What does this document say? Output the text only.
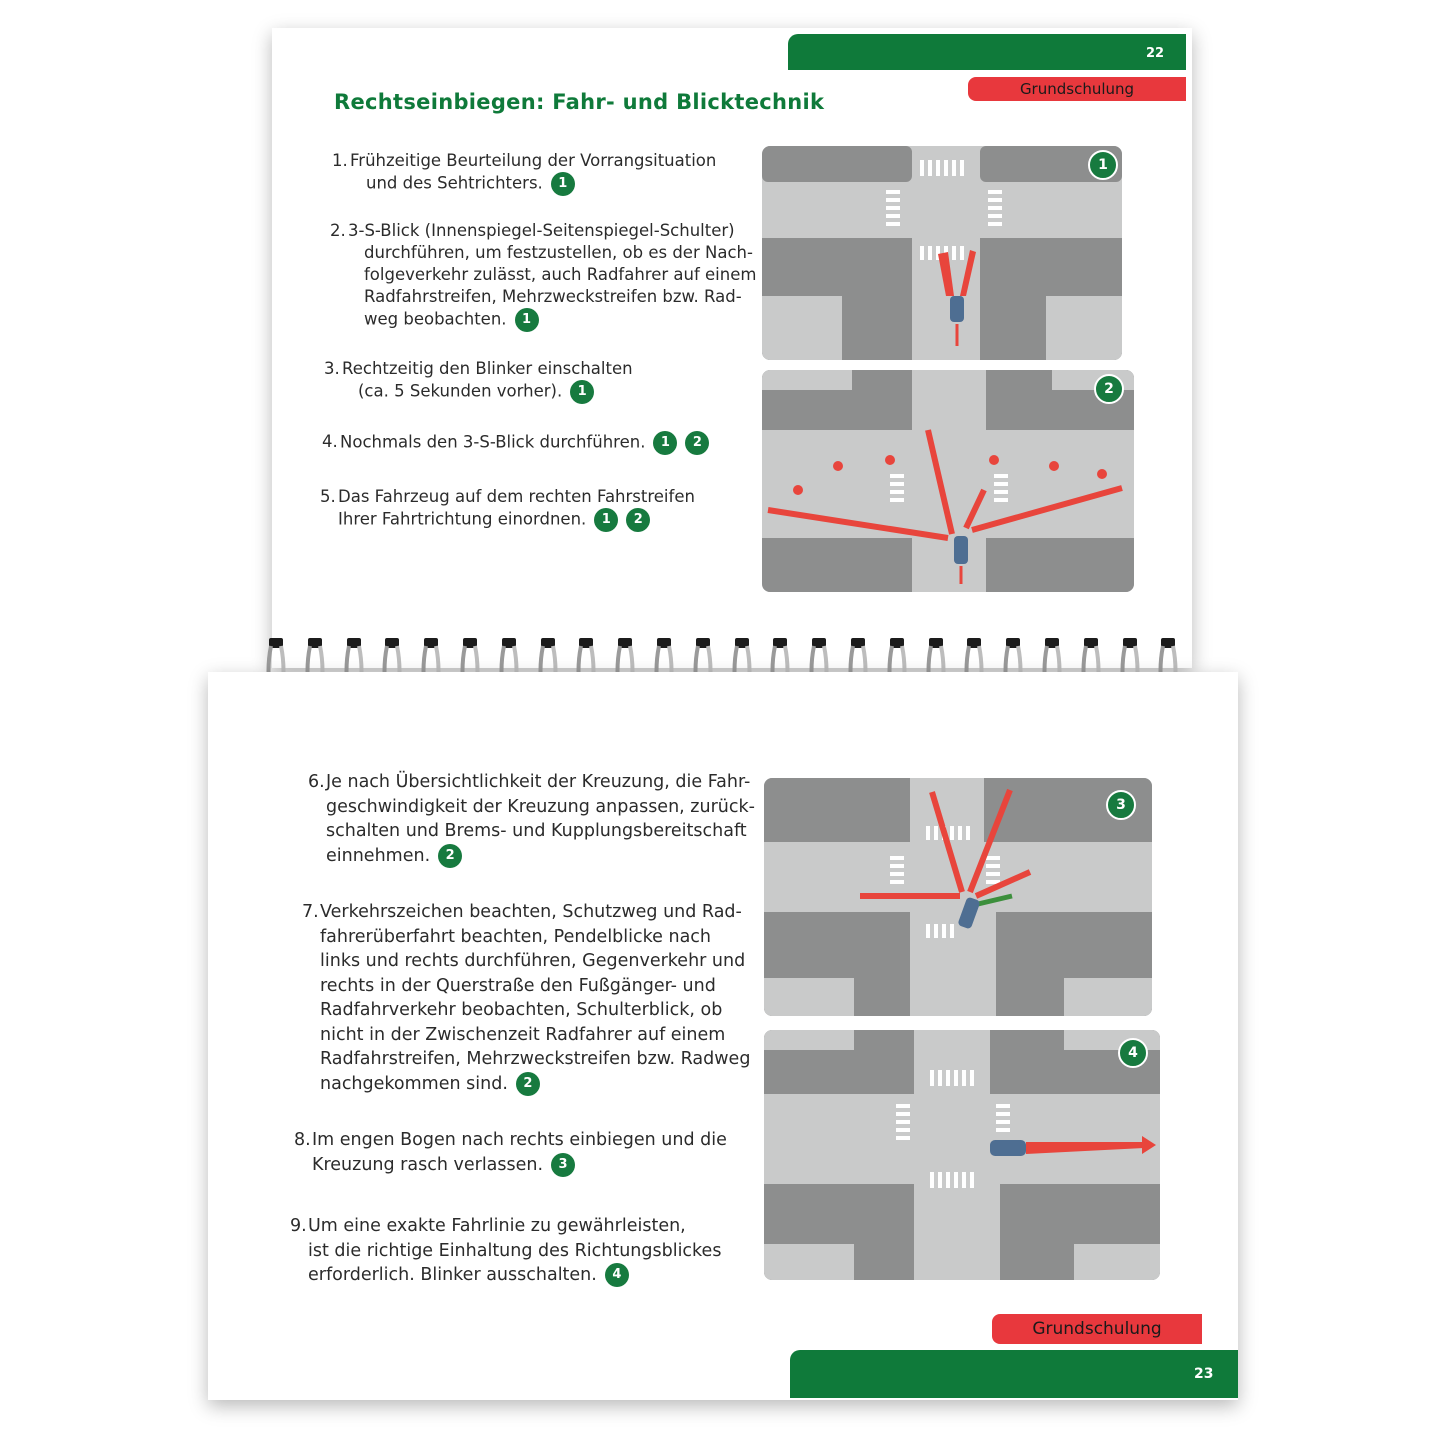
22
Grundschulung
Rechtseinbiegen: Fahr- und Blicktechnik
1. Frühzeitige Beurteilung der Vorrangsituation
und des Sehtrichters. 1
2. 3-S-Blick (Innenspiegel-Seitenspiegel-Schulter)
durchführen, um festzustellen, ob es der Nach-
folgeverkehr zulässt, auch Radfahrer auf einem
Radfahrstreifen, Mehrzweckstreifen bzw. Rad-
weg beobachten. 1
3. Rechtzeitig den Blinker einschalten
(ca. 5 Sekunden vorher). 1
4. Nochmals den 3-S-Blick durchführen. 1 2
5. Das Fahrzeug auf dem rechten Fahrstreifen
Ihrer Fahrtrichtung einordnen. 1 2
1
2
6. Je nach Übersichtlichkeit der Kreuzung, die Fahr-
geschwindigkeit der Kreuzung anpassen, zurück-
schalten und Brems- und Kupplungsbereitschaft
einnehmen. 2
7. Verkehrszeichen beachten, Schutzweg und Rad-
fahrerüberfahrt beachten, Pendelblicke nach
links und rechts durchführen, Gegenverkehr und
rechts in der Querstraße den Fußgänger- und
Radfahrverkehr beobachten, Schulterblick, ob
nicht in der Zwischenzeit Radfahrer auf einem
Radfahrstreifen, Mehrzweckstreifen bzw. Radweg
nachgekommen sind. 2
8. Im engen Bogen nach rechts einbiegen und die
Kreuzung rasch verlassen. 3
9. Um eine exakte Fahrlinie zu gewährleisten,
ist die richtige Einhaltung des Richtungsblickes
erforderlich. Blinker ausschalten. 4
3
4
Grundschulung
23
